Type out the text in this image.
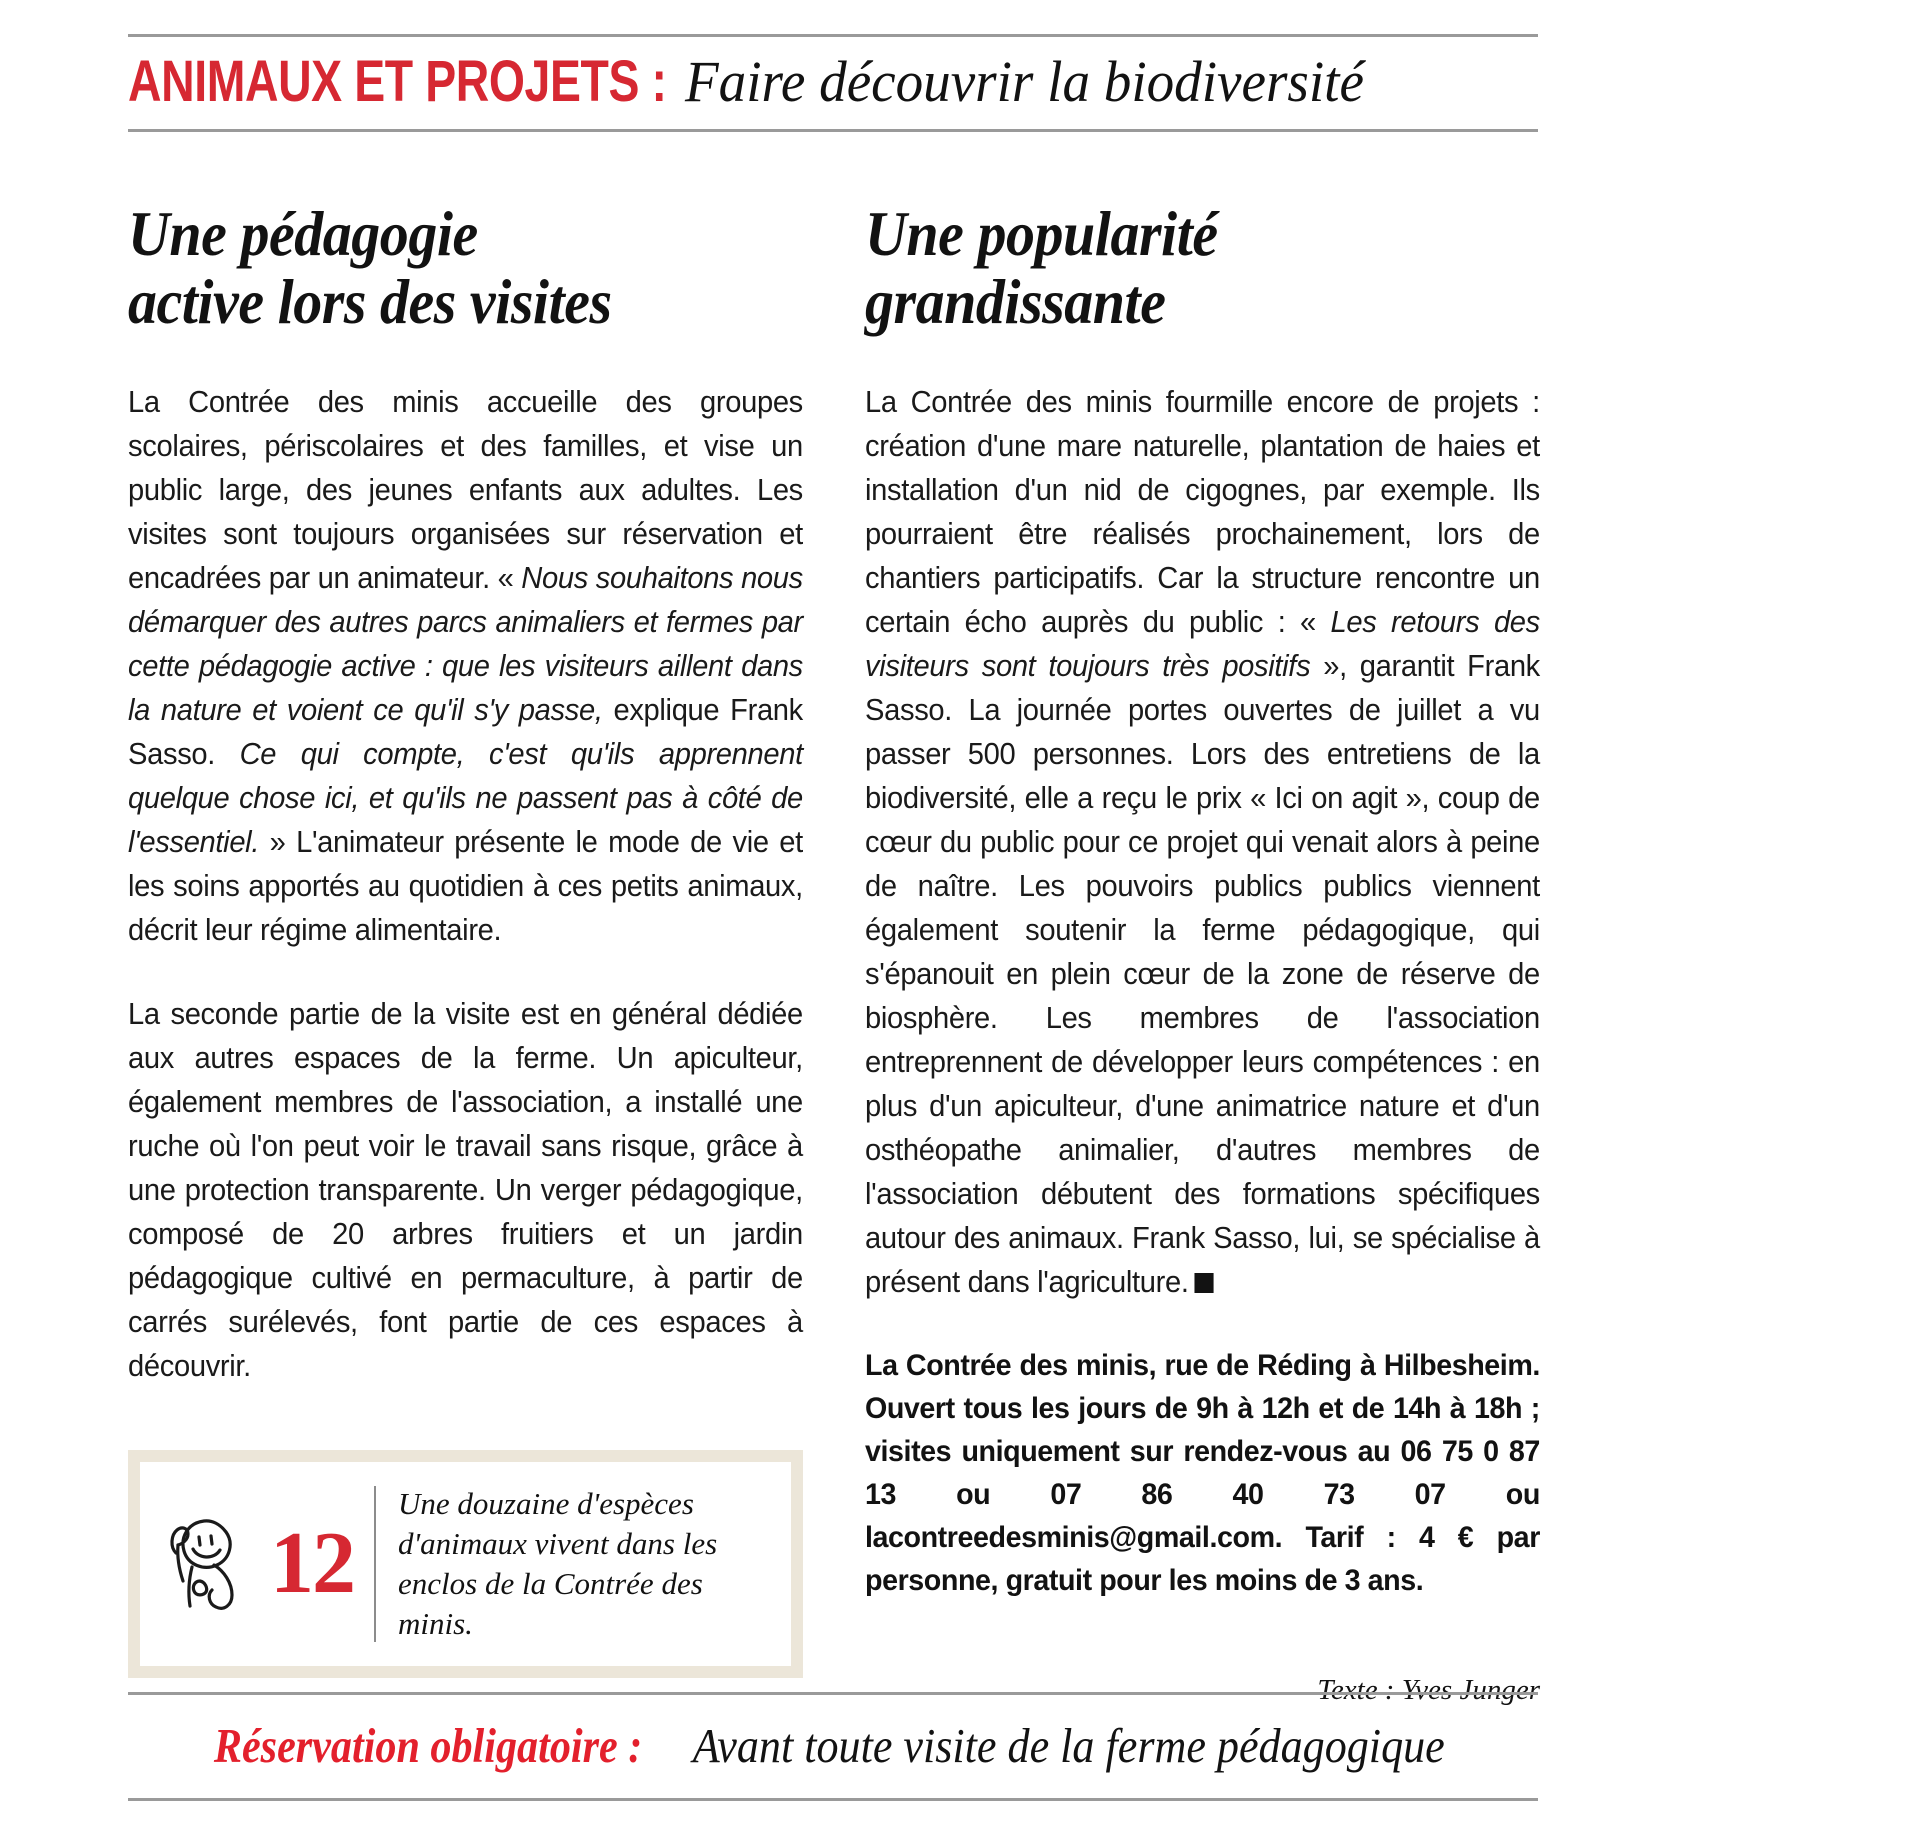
ANIMAUX ET PROJETS : Faire découvrir la biodiversité
Une pédagogie
active lors des visites

La Contrée des minis accueille des groupes scolaires, périscolaires et des familles, et vise un public large, des jeunes enfants aux adultes. Les visites sont toujours organisées sur réservation et encadrées par un animateur. « Nous souhaitons nous démarquer des autres parcs animaliers et fermes par cette pédagogie active : que les visiteurs aillent dans la nature et voient ce qu'il s'y passe, explique Frank Sasso. Ce qui compte, c'est qu'ils apprennent quelque chose ici, et qu'ils ne passent pas à côté de l'essentiel. » L'animateur présente le mode de vie et les soins apportés au quotidien à ces petits animaux, décrit leur régime alimentaire.

La seconde partie de la visite est en général dédiée aux autres espaces de la ferme. Un apiculteur, également membres de l'association, a installé une ruche où l'on peut voir le travail sans risque, grâce à une protection transparente. Un verger pédagogique, composé de 20 arbres fruitiers et un jardin pédagogique cultivé en permaculture, à partir de carrés surélevés, font partie de ces espaces à découvrir.

12
Une douzaine d'espèces
d'animaux vivent dans les
enclos de la Contrée des minis.
Une popularité
grandissante

La Contrée des minis fourmille encore de projets : création d'une mare naturelle, plantation de haies et installation d'un nid de cigognes, par exemple. Ils pourraient être réalisés prochainement, lors de chantiers participatifs. Car la structure rencontre un certain écho auprès du public : « Les retours des visiteurs sont toujours très positifs », garantit Frank Sasso. La journée portes ouvertes de juillet a vu passer 500 personnes. Lors des entretiens de la biodiversité, elle a reçu le prix « Ici on agit », coup de cœur du public pour ce projet qui venait alors à peine de naître. Les pouvoirs publics publics viennent également soutenir la ferme pédagogique, qui s'épanouit en plein cœur de la zone de réserve de biosphère. Les membres de l'association entreprennent de développer leurs compétences : en plus d'un apiculteur, d'une animatrice nature et d'un osthéopathe animalier, d'autres membres de l'association débutent des formations spécifiques autour des animaux. Frank Sasso, lui, se spécialise à présent dans l'agriculture.

La Contrée des minis, rue de Réding à Hilbesheim. Ouvert tous les jours de 9h à 12h et de 14h à 18h ; visites uniquement sur rendez-vous au 06 75 0 87 13 ou 07 86 40 73 07 ou lacontreedesminis@gmail.com. Tarif : 4 € par personne, gratuit pour les moins de 3 ans.
Texte : Yves Junger
Réservation obligatoire : Avant toute visite de la ferme pédagogique
